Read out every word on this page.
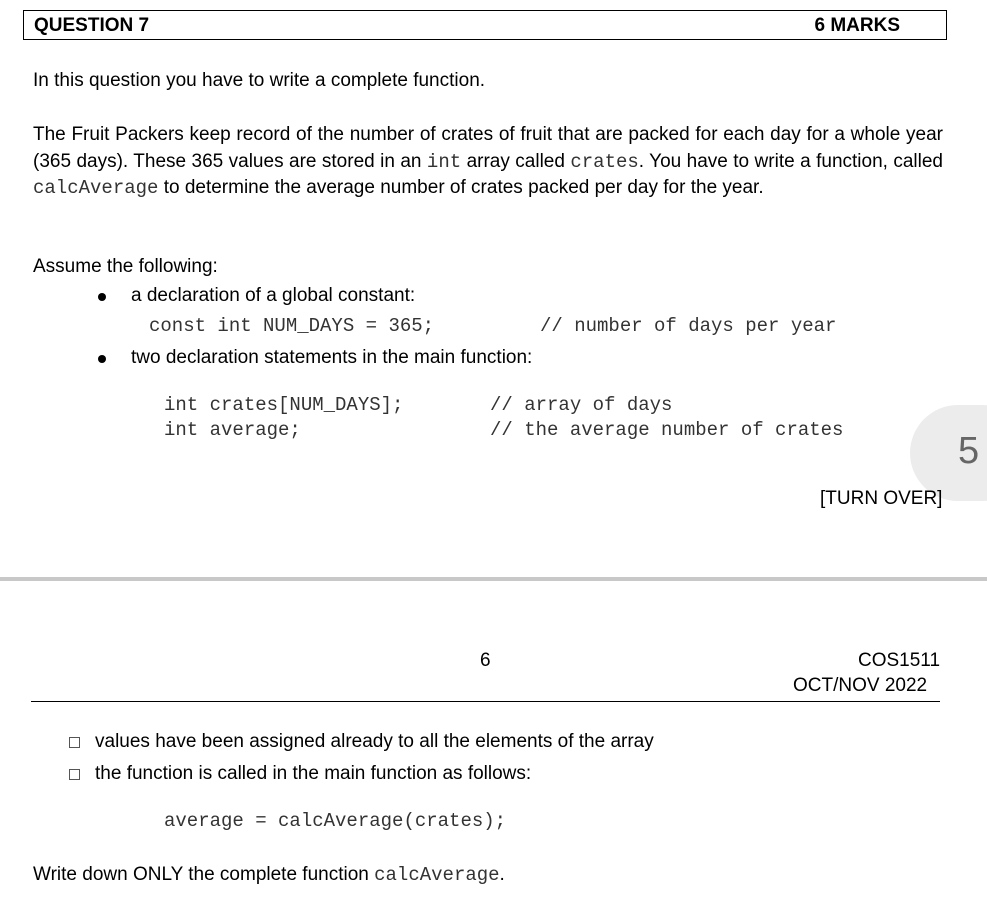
QUESTION 7	6 MARKS
In this question you have to write a complete function.
The Fruit Packers keep record of the number of crates of fruit that are packed for each day for a whole year (365 days). These 365 values are stored in an int array called crates. You have to write a function, called calcAverage to determine the average number of crates packed per day for the year.
Assume the following:
a declaration of a global constant:
const int NUM_DAYS = 365;	// number of days per year
two declaration statements in the main function:
int crates[NUM_DAYS];	// array of days
int average;	// the average number of crates	5
[TURN OVER]
6	COS1511
OCT/NOV 2022
values have been assigned already to all the elements of the array
the function is called in the main function as follows:
average = calcAverage(crates);
Write down ONLY the complete function calcAverage.
